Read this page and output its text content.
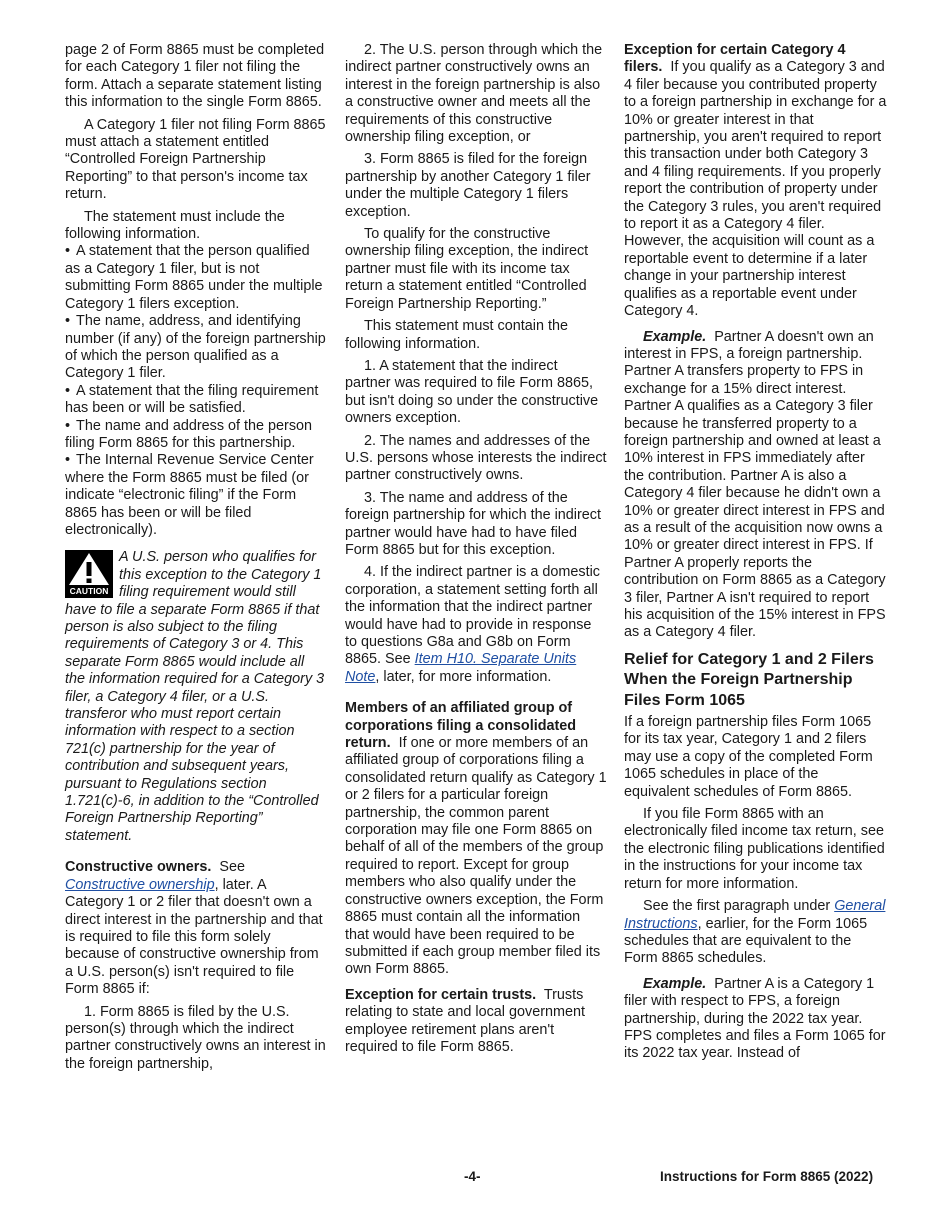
page 2 of Form 8865 must be completed for each Category 1 filer not filing the form. Attach a separate statement listing this information to the single Form 8865.

A Category 1 filer not filing Form 8865 must attach a statement entitled “Controlled Foreign Partnership Reporting” to that person's income tax return.

The statement must include the following information.

• A statement that the person qualified as a Category 1 filer, but is not submitting Form 8865 under the multiple Category 1 filers exception.

• The name, address, and identifying number (if any) of the foreign partnership of which the person qualified as a Category 1 filer.

• A statement that the filing requirement has been or will be satisfied.

• The name and address of the person filing Form 8865 for this partnership.

• The Internal Revenue Service Center where the Form 8865 must be filed (or indicate “electronic filing” if the Form 8865 has been or will be filed electronically).

CAUTION
A U.S. person who qualifies for this exception to the Category 1 filing requirement would still have to file a separate Form 8865 if that person is also subject to the filing requirements of Category 3 or 4. This separate Form 8865 would include all the information required for a Category 3 filer, a Category 4 filer, or a U.S. transferor who must report certain information with respect to a section 721(c) partnership for the year of contribution and subsequent years, pursuant to Regulations section 1.721(c)-6, in addition to the “Controlled Foreign Partnership Reporting” statement.

Constructive owners. See Constructive ownership, later. A Category 1 or 2 filer that doesn't own a direct interest in the partnership and that is required to file this form solely because of constructive ownership from a U.S. person(s) isn't required to file Form 8865 if:

1. Form 8865 is filed by the U.S. person(s) through which the indirect partner constructively owns an interest in the foreign partnership,

2. The U.S. person through which the indirect partner constructively owns an interest in the foreign partnership is also a constructive owner and meets all the requirements of this constructive ownership filing exception, or

3. Form 8865 is filed for the foreign partnership by another Category 1 filer under the multiple Category 1 filers exception.

To qualify for the constructive ownership filing exception, the indirect partner must file with its income tax return a statement entitled “Controlled Foreign Partnership Reporting.”

This statement must contain the following information.

1. A statement that the indirect partner was required to file Form 8865, but isn't doing so under the constructive owners exception.

2. The names and addresses of the U.S. persons whose interests the indirect partner constructively owns.

3. The name and address of the foreign partnership for which the indirect partner would have had to have filed Form 8865 but for this exception.

4. If the indirect partner is a domestic corporation, a statement setting forth all the information that the indirect partner would have had to provide in response to questions G8a and G8b on Form 8865. See Item H10. Separate Units Note, later, for more information.

Members of an affiliated group of corporations filing a consolidated return. If one or more members of an affiliated group of corporations filing a consolidated return qualify as Category 1 or 2 filers for a particular foreign partnership, the common parent corporation may file one Form 8865 on behalf of all of the members of the group required to report. Except for group members who also qualify under the constructive owners exception, the Form 8865 must contain all the information that would have been required to be submitted if each group member filed its own Form 8865.

Exception for certain trusts. Trusts relating to state and local government employee retirement plans aren't required to file Form 8865.

Exception for certain Category 4 filers. If you qualify as a Category 3 and 4 filer because you contributed property to a foreign partnership in exchange for a 10% or greater interest in that partnership, you aren't required to report this transaction under both Category 3 and 4 filing requirements. If you properly report the contribution of property under the Category 3 rules, you aren't required to report it as a Category 4 filer. However, the acquisition will count as a reportable event to determine if a later change in your partnership interest qualifies as a reportable event under Category 4.

Example. Partner A doesn't own an interest in FPS, a foreign partnership. Partner A transfers property to FPS in exchange for a 15% direct interest. Partner A qualifies as a Category 3 filer because he transferred property to a foreign partnership and owned at least a 10% interest in FPS immediately after the contribution. Partner A is also a Category 4 filer because he didn't own a 10% or greater direct interest in FPS and as a result of the acquisition now owns a 10% or greater direct interest in FPS. If Partner A properly reports the contribution on Form 8865 as a Category 3 filer, Partner A isn't required to report his acquisition of the 15% interest in FPS as a Category 4 filer.

Relief for Category 1 and 2 Filers When the Foreign Partnership Files Form 1065

If a foreign partnership files Form 1065 for its tax year, Category 1 and 2 filers may use a copy of the completed Form 1065 schedules in place of the equivalent schedules of Form 8865.

If you file Form 8865 with an electronically filed income tax return, see the electronic filing publications identified in the instructions for your income tax return for more information.

See the first paragraph under General Instructions, earlier, for the Form 1065 schedules that are equivalent to the Form 8865 schedules.

Example. Partner A is a Category 1 filer with respect to FPS, a foreign partnership, during the 2022 tax year. FPS completes and files a Form 1065 for its 2022 tax year. Instead of

-4-	Instructions for Form 8865 (2022)
